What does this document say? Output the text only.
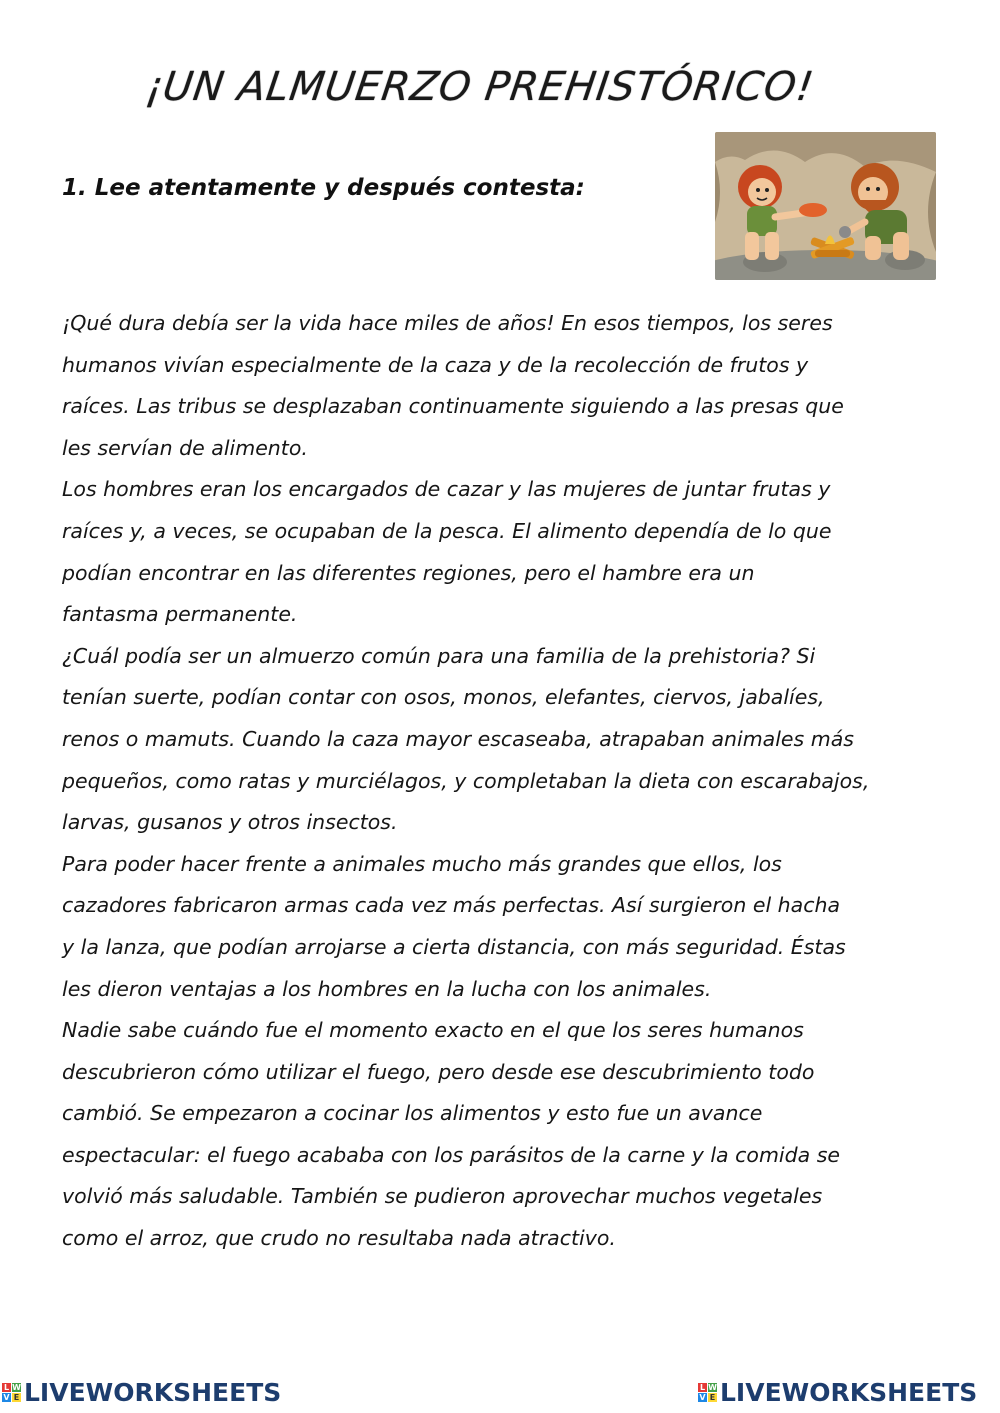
¡UN ALMUERZO PREHISTÓRICO!
1. Lee atentamente y después contesta:

¡Qué dura debía ser la vida hace miles de años! En esos tiempos, los seres
humanos vivían especialmente de la caza y de la recolección de frutos y
raíces. Las tribus se desplazaban continuamente siguiendo a las presas que
les servían de alimento.

Los hombres eran los encargados de cazar y las mujeres de juntar frutas y
raíces y, a veces, se ocupaban de la pesca. El alimento dependía de lo que
podían encontrar en las diferentes regiones, pero el hambre era un
fantasma permanente.

¿Cuál podía ser un almuerzo común para una familia de la prehistoria? Si
tenían suerte, podían contar con osos, monos, elefantes, ciervos, jabalíes,
renos o mamuts. Cuando la caza mayor escaseaba, atrapaban animales más
pequeños, como ratas y murciélagos, y completaban la dieta con escarabajos,
larvas, gusanos y otros insectos.

Para poder hacer frente a animales mucho más grandes que ellos, los
cazadores fabricaron armas cada vez más perfectas. Así surgieron el hacha
y la lanza, que podían arrojarse a cierta distancia, con más seguridad. Éstas
les dieron ventajas a los hombres en la lucha con los animales.

Nadie sabe cuándo fue el momento exacto en el que los seres humanos
descubrieron cómo utilizar el fuego, pero desde ese descubrimiento todo
cambió. Se empezaron a cocinar los alimentos y esto fue un avance
espectacular: el fuego acababa con los parásitos de la carne y la comida se
volvió más saludable. También se pudieron aprovechar muchos vegetales
como el arroz, que crudo no resultaba nada atractivo.

L W
V E LIVEWORKSHEETS	L W
V E LIVEWORKSHEETS
